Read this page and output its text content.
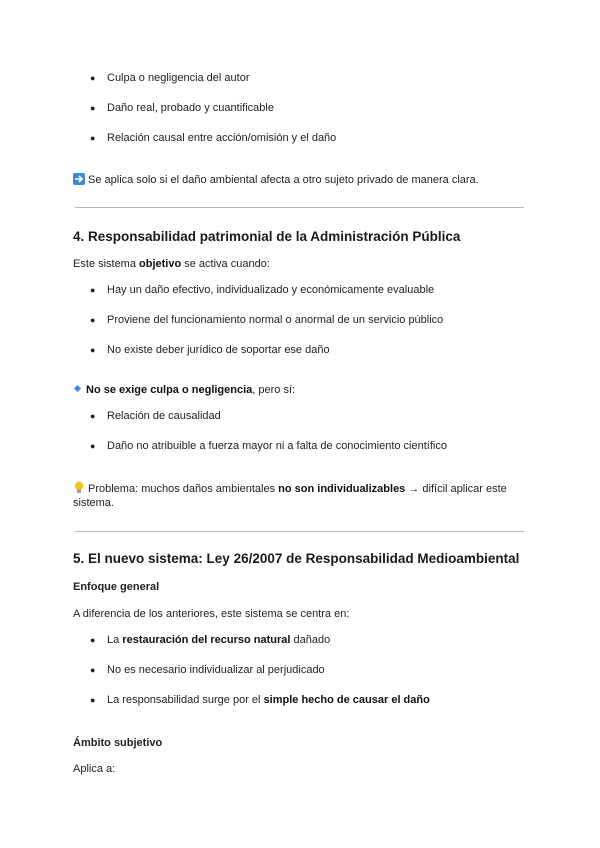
● Culpa o negligencia del autor
● Daño real, probado y cuantificable
● Relación causal entre acción/omisión y el daño
Se aplica solo si el daño ambiental afecta a otro sujeto privado de manera clara.
4. Responsabilidad patrimonial de la Administración Pública
Este sistema objetivo se activa cuando:
● Hay un daño efectivo, individualizado y económicamente evaluable
● Proviene del funcionamiento normal o anormal de un servicio público
● No existe deber jurídico de soportar ese daño
No se exige culpa o negligencia, pero sí:
● Relación de causalidad
● Daño no atribuible a fuerza mayor ni a falta de conocimiento científico
Problema: muchos daños ambientales no son individualizables → difícil aplicar este
sistema.
5. El nuevo sistema: Ley 26/2007 de Responsabilidad Medioambiental
Enfoque general
A diferencia de los anteriores, este sistema se centra en:
● La restauración del recurso natural dañado
● No es necesario individualizar al perjudicado
● La responsabilidad surge por el simple hecho de causar el daño
Ámbito subjetivo
Aplica a:
